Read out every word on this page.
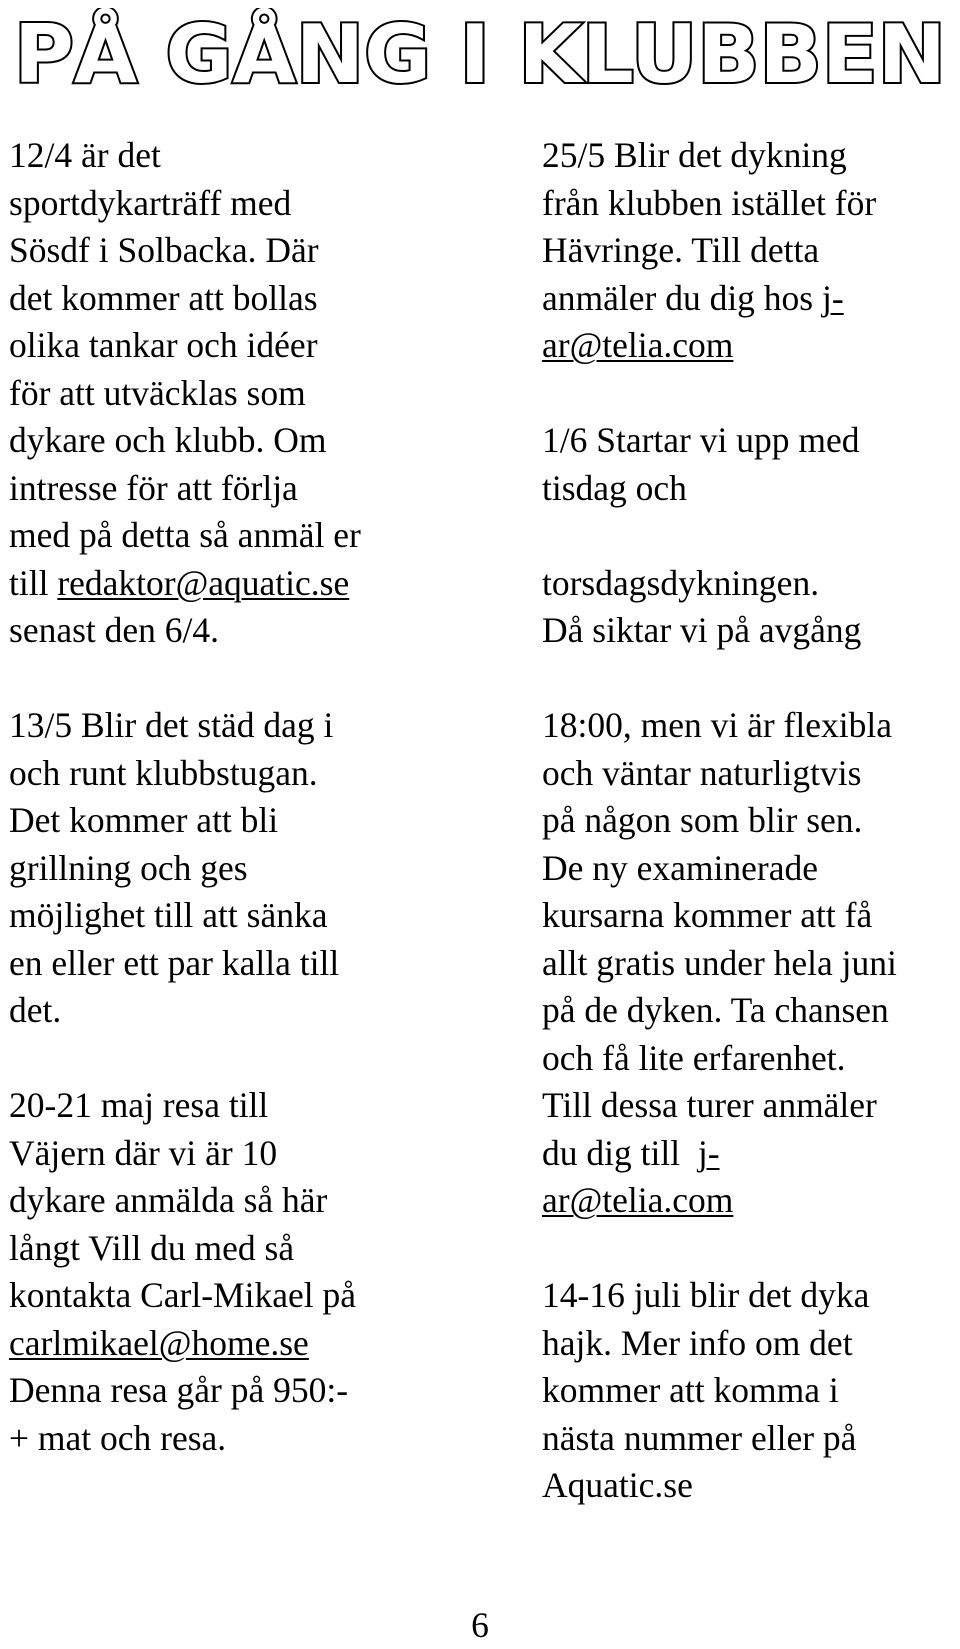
PÅ GÅNG I KLUBBEN
12/4 är det
sportdykarträff med
Sösdf i Solbacka. Där
det kommer att bollas
olika tankar och idéer
för att utväcklas som
dykare och klubb. Om
intresse för att förlja
med på detta så anmäl er
till redaktor@aquatic.se
senast den 6/4.
13/5 Blir det städ dag i
och runt klubbstugan.
Det kommer att bli
grillning och ges
möjlighet till att sänka
en eller ett par kalla till
det.
20-21 maj resa till
Väjern där vi är 10
dykare anmälda så här
långt Vill du med så
kontakta Carl-Mikael på
carlmikael@home.se
Denna resa går på 950:-
+ mat och resa.
25/5 Blir det dykning
från klubben istället för
Hävringe. Till detta
anmäler du dig hos j-
ar@telia.com
1/6 Startar vi upp med
tisdag och
torsdagsdykningen.
Då siktar vi på avgång
18:00, men vi är flexibla
och väntar naturligtvis
på någon som blir sen.
De ny examinerade
kursarna kommer att få
allt gratis under hela juni
på de dyken. Ta chansen
och få lite erfarenhet.
Till dessa turer anmäler
du dig till  j-
ar@telia.com
14-16 juli blir det dyka
hajk. Mer info om det
kommer att komma i
nästa nummer eller på
Aquatic.se
6
